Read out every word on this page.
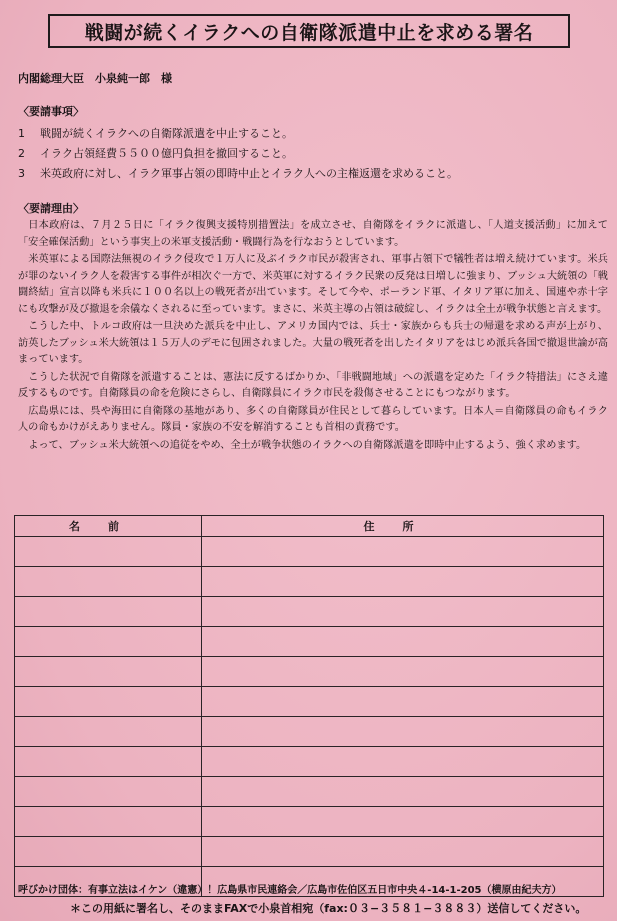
戦闘が続くイラクへの自衛隊派遣中止を求める署名
内閣総理大臣　小泉純一郎　様
〈要請事項〉
1	戦闘が続くイラクへの自衛隊派遣を中止すること。
2	イラク占領経費５５００億円負担を撤回すること。
3	米英政府に対し、イラク軍事占領の即時中止とイラク人への主権返還を求めること。
〈要請理由〉

日本政府は、７月２５日に「イラク復興支援特別措置法」を成立させ、自衛隊をイラクに派遣し、「人道支援活動」に加えて「安全確保活動」という事実上の米軍支援活動・戦闘行為を行なおうとしています。

米英軍による国際法無視のイラク侵攻で１万人に及ぶイラク市民が殺害され、軍事占領下で犠牲者は増え続けています。米兵が罪のないイラク人を殺害する事件が相次ぐ一方で、米英軍に対するイラク民衆の反発は日増しに強まり、ブッシュ大統領の「戦闘終結」宣言以降も米兵に１００名以上の戦死者が出ています。そして今や、ポーランド軍、イタリア軍に加え、国連や赤十字にも攻撃が及び撤退を余儀なくされるに至っています。まさに、米英主導の占領は破綻し、イラクは全土が戦争状態と言えます。

こうした中、トルコ政府は一旦決めた派兵を中止し、アメリカ国内では、兵士・家族からも兵士の帰還を求める声が上がり、訪英したブッシュ米大統領は１５万人のデモに包囲されました。大量の戦死者を出したイタリアをはじめ派兵各国で撤退世論が高まっています。

こうした状況で自衛隊を派遣することは、憲法に反するばかりか、「非戦闘地域」への派遣を定めた「イラク特措法」にさえ違反するものです。自衛隊員の命を危険にさらし、自衛隊員にイラク市民を殺傷させることにもつながります。

広島県には、呉や海田に自衛隊の基地があり、多くの自衛隊員が住民として暮らしています。日本人＝自衛隊員の命もイラク人の命もかけがえありません。隊員・家族の不安を解消することも首相の責務です。

よって、ブッシュ米大統領への追従をやめ、全土が戦争状態のイラクへの自衛隊派遣を即時中止するよう、強く求めます。

名前	住所

呼びかけ団体：有事立法はイケン（違憲）！広島県市民連絡会／広島市佐伯区五日市中央４-14-1-205（横原由紀夫方）
＊この用紙に署名し、そのままFAXで小泉首相宛（fax:０３−３５８１−３８８３）送信してください。
